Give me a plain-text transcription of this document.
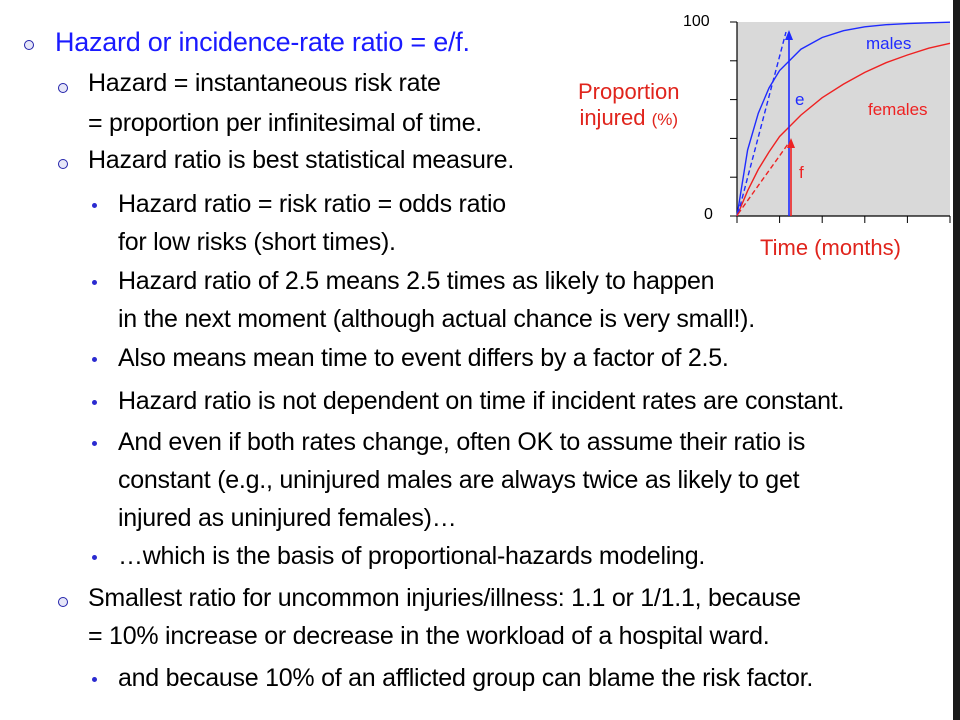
Hazard or incidence-rate ratio = e/f.
Hazard = instantaneous risk rate
= proportion per infinitesimal of time.
Hazard ratio is best statistical measure.
Hazard ratio = risk ratio = odds ratio
for low risks (short times).
Hazard ratio of 2.5 means 2.5 times as likely to happen
in the next moment (although actual chance is very small!).
Also means mean time to event differs by a factor of 2.5.
Hazard ratio is not dependent on time if incident rates are constant.
And even if both rates change, often OK to assume their ratio is
constant (e.g., uninjured males are always twice as likely to get
injured as uninjured females)…
…which is the basis of proportional-hazards modeling.
Smallest ratio for uncommon injuries/illness: 1.1 or 1/1.1, because
= 10% increase or decrease in the workload of a hospital ward.
and because 10% of an afflicted group can blame the risk factor.
Proportion
injured (%)
100
0
Time (months)
males
females
e
f
